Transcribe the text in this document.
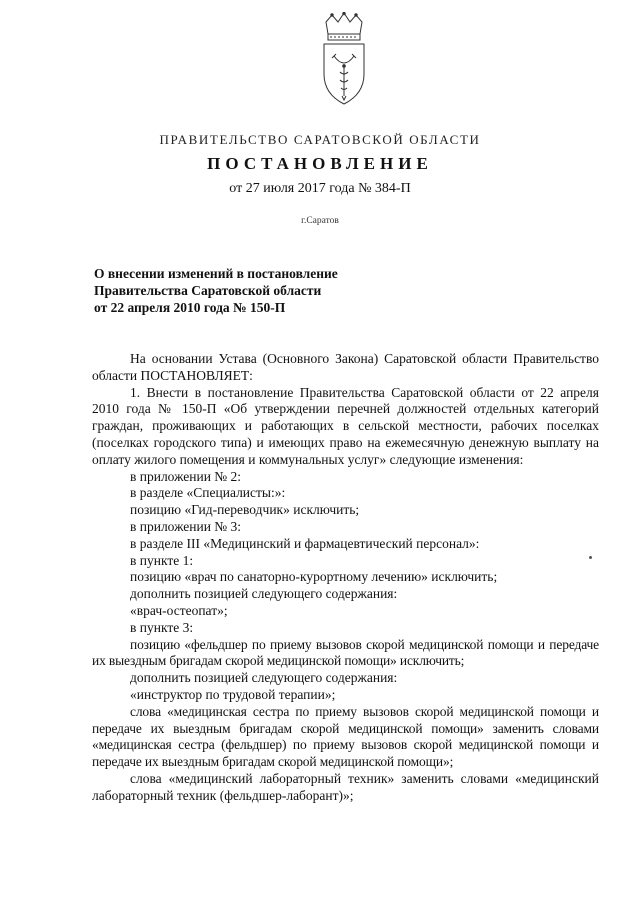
ПРАВИТЕЛЬСТВО САРАТОВСКОЙ ОБЛАСТИ
ПОСТАНОВЛЕНИЕ
от 27 июля 2017 года № 384-П
г.Саратов
О внесении изменений в постановление
Правительства Саратовской области
от 22 апреля 2010 года № 150-П

На основании Устава (Основного Закона) Саратовской области Правительство области ПОСТАНОВЛЯЕТ:

1. Внести в постановление Правительства Саратовской области от 22 апреля 2010 года № 150-П «Об утверждении перечней должностей отдельных категорий граждан, проживающих и работающих в сельской местности, рабочих поселках (поселках городского типа) и имеющих право на ежемесячную денежную выплату на оплату жилого помещения и коммунальных услуг» следующие изменения:

в приложении № 2:

в разделе «Специалисты:»:

позицию «Гид-переводчик» исключить;

в приложении № 3:

в разделе III «Медицинский и фармацевтический персонал»:

в пункте 1:

позицию «врач по санаторно-курортному лечению» исключить;

дополнить позицией следующего содержания:

«врач-остеопат»;

в пункте 3:

позицию «фельдшер по приему вызовов скорой медицинской помощи и передаче их выездным бригадам скорой медицинской помощи» исключить;

дополнить позицией следующего содержания:

«инструктор по трудовой терапии»;

слова «медицинская сестра по приему вызовов скорой медицинской помощи и передаче их выездным бригадам скорой медицинской помощи» заменить словами «медицинская сестра (фельдшер) по приему вызовов скорой медицинской помощи и передаче их выездным бригадам скорой медицинской помощи»;

слова «медицинский лабораторный техник» заменить словами «медицинский лабораторный техник (фельдшер-лаборант)»;
